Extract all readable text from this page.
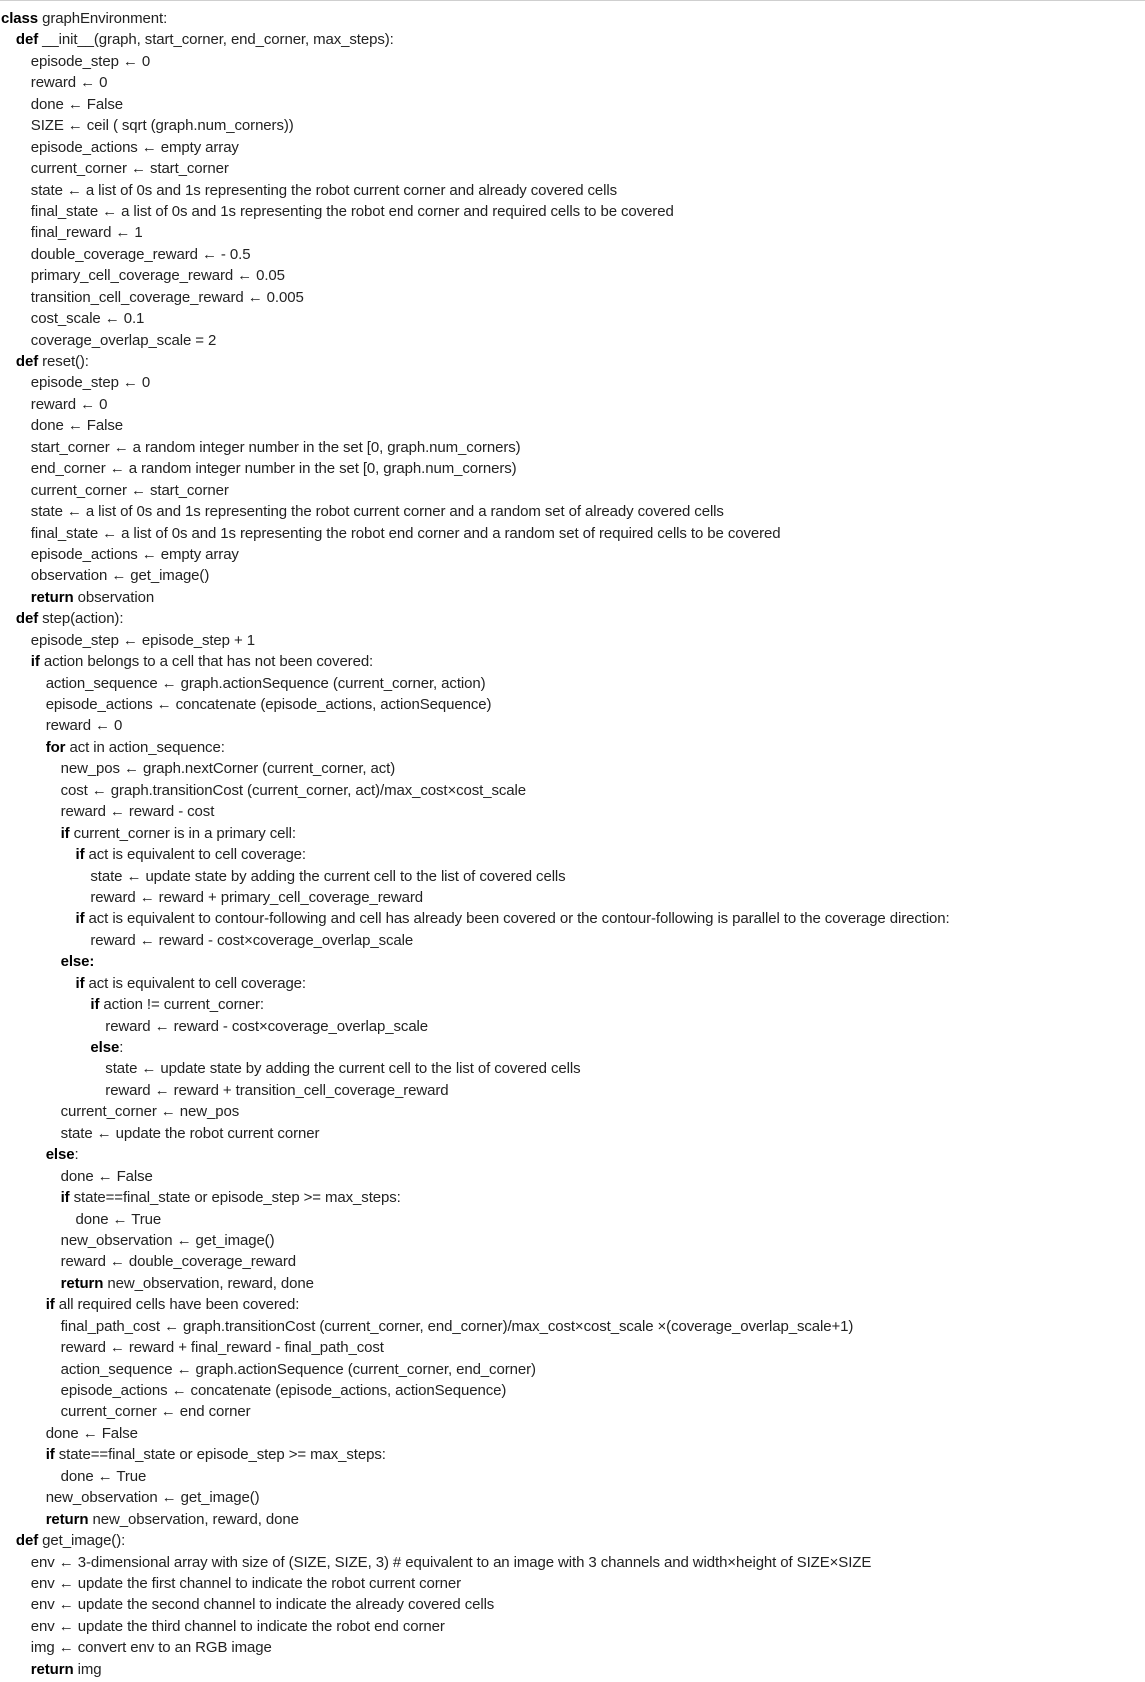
class graphEnvironment:
def __init__(graph, start_corner, end_corner, max_steps):
episode_step ← 0
reward ← 0
done ← False
SIZE ← ceil ( sqrt (graph.num_corners))
episode_actions ← empty array
current_corner ← start_corner
state ← a list of 0s and 1s representing the robot current corner and already covered cells
final_state ← a list of 0s and 1s representing the robot end corner and required cells to be covered
final_reward ← 1
double_coverage_reward ← - 0.5
primary_cell_coverage_reward ← 0.05
transition_cell_coverage_reward ← 0.005
cost_scale ← 0.1
coverage_overlap_scale = 2
def reset():
episode_step ← 0
reward ← 0
done ← False
start_corner ← a random integer number in the set [0, graph.num_corners)
end_corner ← a random integer number in the set [0, graph.num_corners)
current_corner ← start_corner
state ← a list of 0s and 1s representing the robot current corner and a random set of already covered cells
final_state ← a list of 0s and 1s representing the robot end corner and a random set of required cells to be covered
episode_actions ← empty array
observation ← get_image()
return observation
def step(action):
episode_step ← episode_step + 1
if action belongs to a cell that has not been covered:
action_sequence ← graph.actionSequence (current_corner, action)
episode_actions ← concatenate (episode_actions, actionSequence)
reward ← 0
for act in action_sequence:
new_pos ← graph.nextCorner (current_corner, act)
cost ← graph.transitionCost (current_corner, act)/max_cost×cost_scale
reward ← reward - cost
if current_corner is in a primary cell:
if act is equivalent to cell coverage:
state ← update state by adding the current cell to the list of covered cells
reward ← reward + primary_cell_coverage_reward
if act is equivalent to contour-following and cell has already been covered or the contour-following is parallel to the coverage direction:
reward ← reward - cost×coverage_overlap_scale
else:
if act is equivalent to cell coverage:
if action != current_corner:
reward ← reward - cost×coverage_overlap_scale
else:
state ← update state by adding the current cell to the list of covered cells
reward ← reward + transition_cell_coverage_reward
current_corner ← new_pos
state ← update the robot current corner
else:
done ← False
if state==final_state or episode_step >= max_steps:
done ← True
new_observation ← get_image()
reward ← double_coverage_reward
return new_observation, reward, done
if all required cells have been covered:
final_path_cost ← graph.transitionCost (current_corner, end_corner)/max_cost×cost_scale ×(coverage_overlap_scale+1)
reward ← reward + final_reward - final_path_cost
action_sequence ← graph.actionSequence (current_corner, end_corner)
episode_actions ← concatenate (episode_actions, actionSequence)
current_corner ← end corner
done ← False
if state==final_state or episode_step >= max_steps:
done ← True
new_observation ← get_image()
return new_observation, reward, done
def get_image():
env ← 3-dimensional array with size of (SIZE, SIZE, 3) # equivalent to an image with 3 channels and width×height of SIZE×SIZE
env ← update the first channel to indicate the robot current corner
env ← update the second channel to indicate the already covered cells
env ← update the third channel to indicate the robot end corner
img ← convert env to an RGB image
return img
